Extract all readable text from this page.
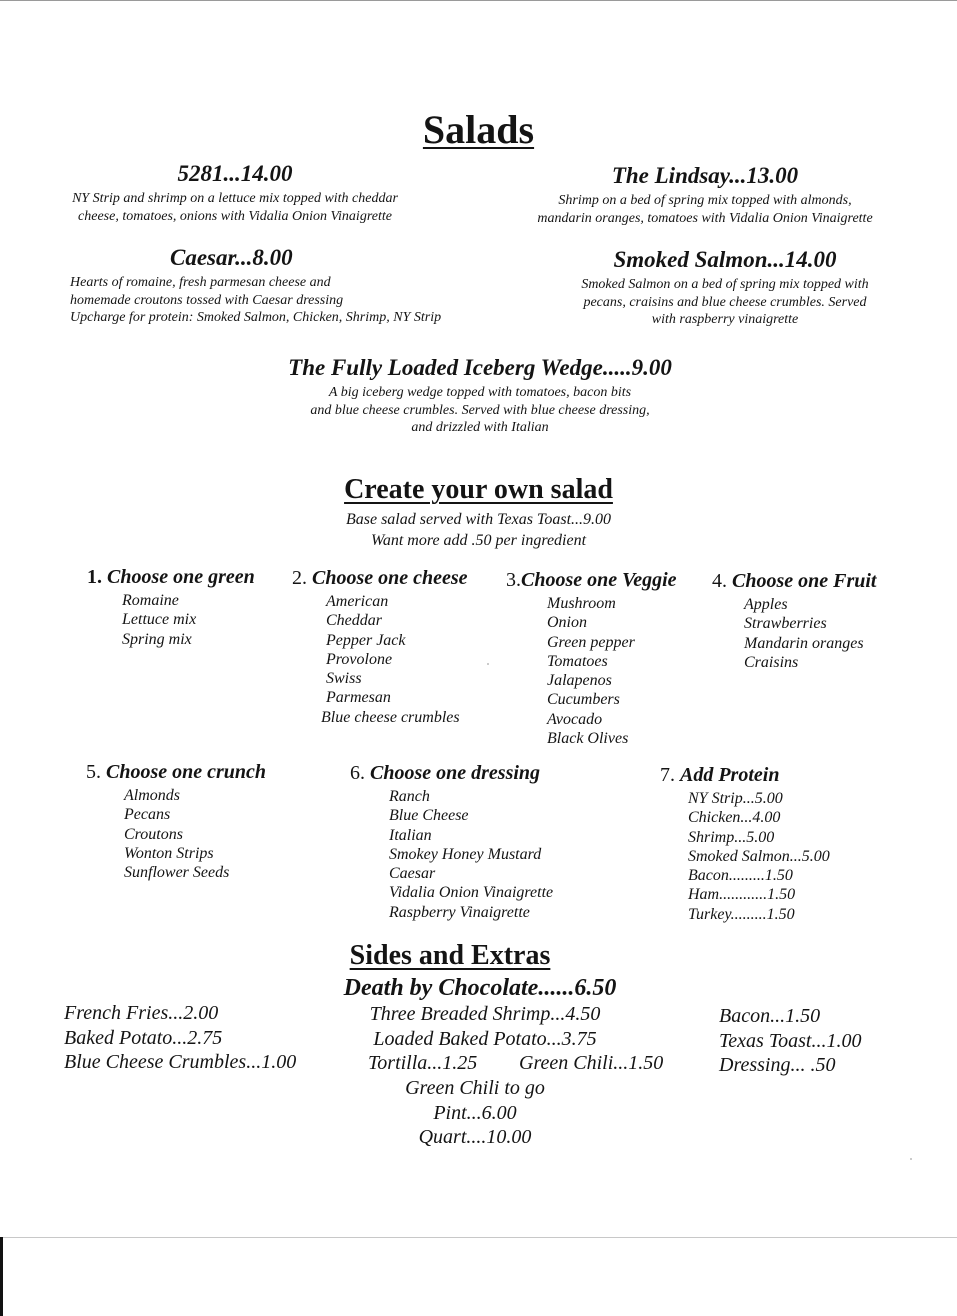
Salads
5281...14.00
NY Strip and shrimp on a lettuce mix topped with cheddar
cheese, tomatoes, onions with Vidalia Onion Vinaigrette
The Lindsay...13.00
Shrimp on a bed of spring mix topped with almonds,
mandarin oranges, tomatoes with Vidalia Onion Vinaigrette
Caesar...8.00
Hearts of romaine, fresh parmesan cheese and
homemade croutons tossed with Caesar dressing
Upcharge for protein: Smoked Salmon, Chicken, Shrimp, NY Strip
Smoked Salmon...14.00
Smoked Salmon on a bed of spring mix topped with
pecans, craisins and blue cheese crumbles. Served
with raspberry vinaigrette
The Fully Loaded Iceberg Wedge.....9.00
A big iceberg wedge topped with tomatoes, bacon bits
and blue cheese crumbles. Served with blue cheese dressing,
and drizzled with Italian
Create your own salad
Base salad served with Texas Toast...9.00
Want more add .50 per ingredient
1. Choose one green
Romaine
Lettuce mix
Spring mix
2. Choose one cheese
American
Cheddar
Pepper Jack
Provolone
Swiss
Parmesan
Blue cheese crumbles
3.Choose one Veggie
Mushroom
Onion
Green pepper
Tomatoes
Jalapenos
Cucumbers
Avocado
Black Olives
4. Choose one Fruit
Apples
Strawberries
Mandarin oranges
Craisins
5. Choose one crunch
Almonds
Pecans
Croutons
Wonton Strips
Sunflower Seeds
6. Choose one dressing
Ranch
Blue Cheese
Italian
Smokey Honey Mustard
Caesar
Vidalia Onion Vinaigrette
Raspberry Vinaigrette
7. Add Protein
NY Strip...5.00
Chicken...4.00
Shrimp...5.00
Smoked Salmon...5.00
Bacon.........1.50
Ham............1.50
Turkey.........1.50
Sides and Extras
Death by Chocolate......6.50
French Fries...2.00
Baked Potato...2.75
Blue Cheese Crumbles...1.00
Three Breaded Shrimp...4.50
Loaded Baked Potato...3.75
Tortilla...1.25 Green Chili...1.50
Green Chili to go
Pint...6.00
Quart....10.00
Bacon...1.50
Texas Toast...1.00
Dressing... .50
